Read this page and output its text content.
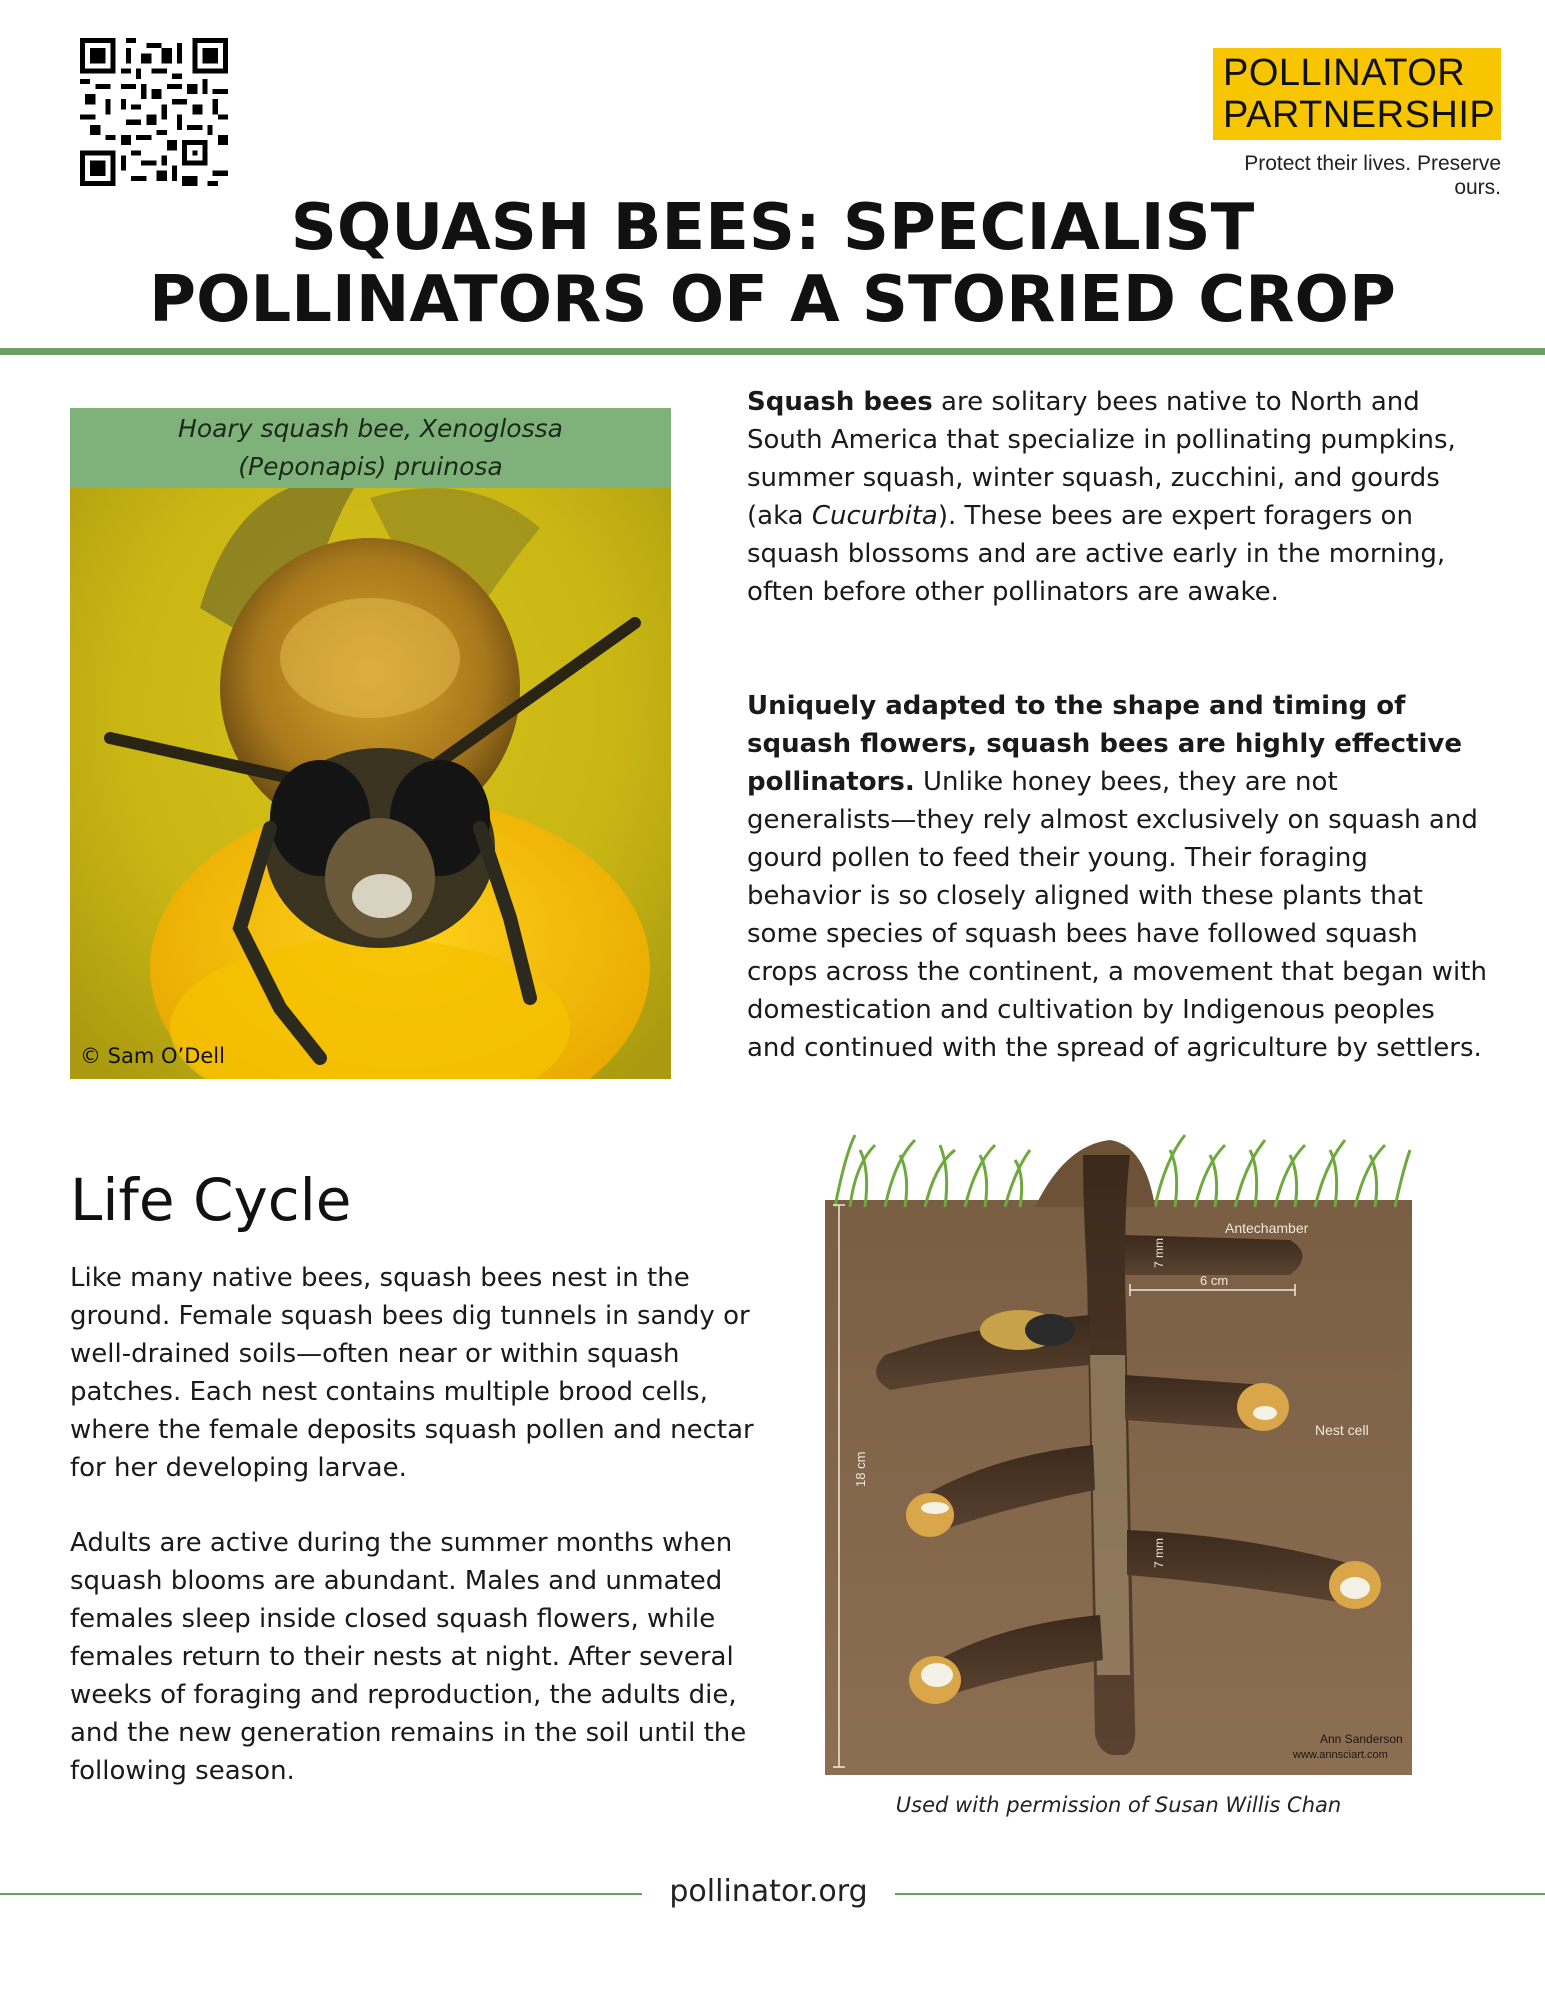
POLLINATOR
PARTNERSHIP
Protect their lives. Preserve ours.
SQUASH BEES: SPECIALIST
POLLINATORS OF A STORIED CROP
Hoary squash bee, Xenoglossa
(Peponapis) pruinosa
© Sam O’Dell
Squash bees are solitary bees native to North and South America that specialize in pollinating pumpkins, summer squash, winter squash, zucchini, and gourds (aka Cucurbita). These bees are expert foragers on squash blossoms and are active early in the morning, often before other pollinators are awake.
Uniquely adapted to the shape and timing of squash flowers, squash bees are highly effective pollinators. Unlike honey bees, they are not generalists—they rely almost exclusively on squash and gourd pollen to feed their young. Their foraging behavior is so closely aligned with these plants that some species of squash bees have followed squash crops across the continent, a movement that began with domestication and cultivation by Indigenous peoples and continued with the spread of agriculture by settlers.
Life Cycle
Like many native bees, squash bees nest in the ground. Female squash bees dig tunnels in sandy or well-drained soils—often near or within squash patches. Each nest contains multiple brood cells, where the female deposits squash pollen and nectar for her developing larvae.
Adults are active during the summer months when squash blooms are abundant. Males and unmated females sleep inside closed squash flowers, while females return to their nests at night. After several weeks of foraging and reproduction, the adults die, and the new generation remains in the soil until the following season.
Antechamber
Nest cell
6 cm
7 mm
7 mm
18 cm
Ann Sanderson
www.annsciart.com
Used with permission of Susan Willis Chan
pollinator.org
